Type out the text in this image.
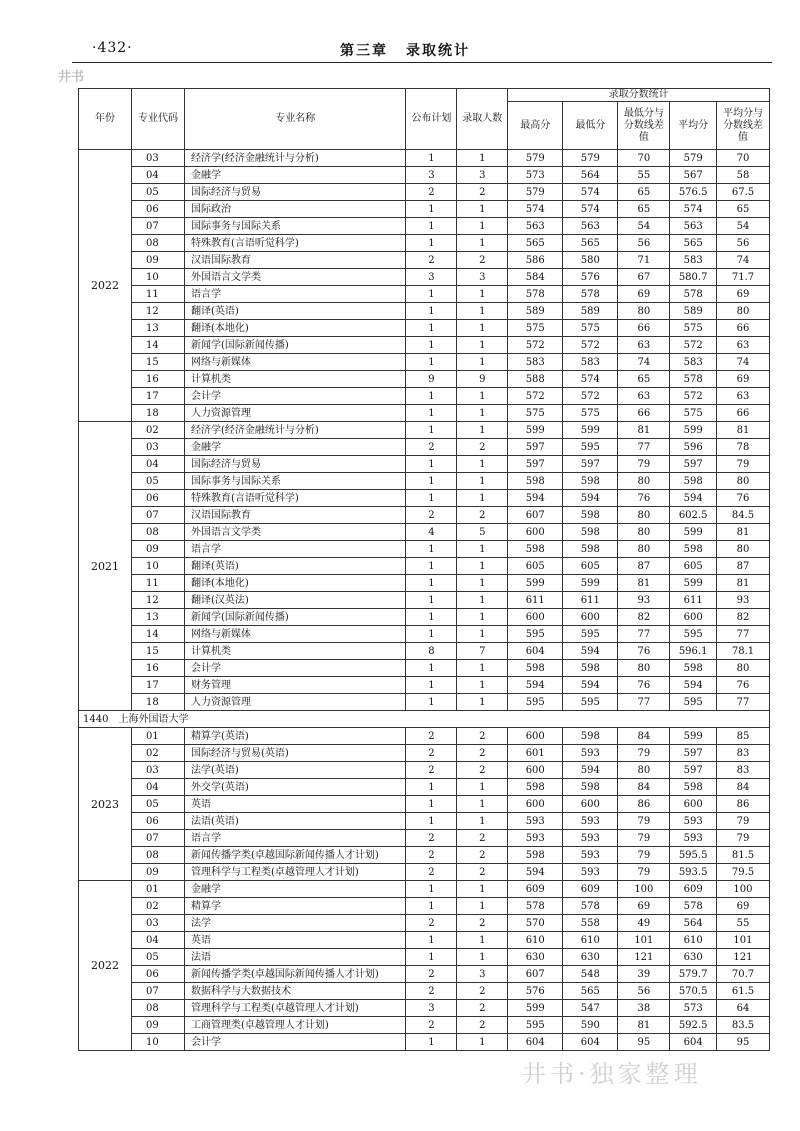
·432·	第三章 录取统计
井书
年份	专业代码	专业名称	公布计划	录取人数	录取分数统计				
					最高分	最低分	最低分与分数线差值	平均分	平均分与分数线差值
2022	03	经济学(经济金融统计与分析)	1	1	579	579	70	579	70
	04	金融学	3	3	573	564	55	567	58
	05	国际经济与贸易	2	2	579	574	65	576.5	67.5
	06	国际政治	1	1	574	574	65	574	65
	07	国际事务与国际关系	1	1	563	563	54	563	54
	08	特殊教育(言语听觉科学)	1	1	565	565	56	565	56
	09	汉语国际教育	2	2	586	580	71	583	74
	10	外国语言文学类	3	3	584	576	67	580.7	71.7
	11	语言学	1	1	578	578	69	578	69
	12	翻译(英语)	1	1	589	589	80	589	80
	13	翻译(本地化)	1	1	575	575	66	575	66
	14	新闻学(国际新闻传播)	1	1	572	572	63	572	63
	15	网络与新媒体	1	1	583	583	74	583	74
	16	计算机类	9	9	588	574	65	578	69
	17	会计学	1	1	572	572	63	572	63
	18	人力资源管理	1	1	575	575	66	575	66
2021	02	经济学(经济金融统计与分析)	1	1	599	599	81	599	81
	03	金融学	2	2	597	595	77	596	78
	04	国际经济与贸易	1	1	597	597	79	597	79
	05	国际事务与国际关系	1	1	598	598	80	598	80
	06	特殊教育(言语听觉科学)	1	1	594	594	76	594	76
	07	汉语国际教育	2	2	607	598	80	602.5	84.5
	08	外国语言文学类	4	5	600	598	80	599	81
	09	语言学	1	1	598	598	80	598	80
	10	翻译(英语)	1	1	605	605	87	605	87
	11	翻译(本地化)	1	1	599	599	81	599	81
	12	翻译(汉英法)	1	1	611	611	93	611	93
	13	新闻学(国际新闻传播)	1	1	600	600	82	600	82
	14	网络与新媒体	1	1	595	595	77	595	77
	15	计算机类	8	7	604	594	76	596.1	78.1
	16	会计学	1	1	598	598	80	598	80
	17	财务管理	1	1	594	594	76	594	76
	18	人力资源管理	1	1	595	595	77	595	77
1440　上海外国语大学									
2023	01	精算学(英语)	2	2	600	598	84	599	85
	02	国际经济与贸易(英语)	2	2	601	593	79	597	83
	03	法学(英语)	2	2	600	594	80	597	83
	04	外交学(英语)	1	1	598	598	84	598	84
	05	英语	1	1	600	600	86	600	86
	06	法语(英语)	1	1	593	593	79	593	79
	07	语言学	2	2	593	593	79	593	79
	08	新闻传播学类(卓越国际新闻传播人才计划)	2	2	598	593	79	595.5	81.5
	09	管理科学与工程类(卓越管理人才计划)	2	2	594	593	79	593.5	79.5
2022	01	金融学	1	1	609	609	100	609	100
	02	精算学	1	1	578	578	69	578	69
	03	法学	2	2	570	558	49	564	55
	04	英语	1	1	610	610	101	610	101
	05	法语	1	1	630	630	121	630	121
	06	新闻传播学类(卓越国际新闻传播人才计划)	2	3	607	548	39	579.7	70.7
	07	数据科学与大数据技术	2	2	576	565	56	570.5	61.5
	08	管理科学与工程类(卓越管理人才计划)	3	2	599	547	38	573	64
	09	工商管理类(卓越管理人才计划)	2	2	595	590	81	592.5	83.5
	10	会计学	1	1	604	604	95	604	95
井书·独家整理
